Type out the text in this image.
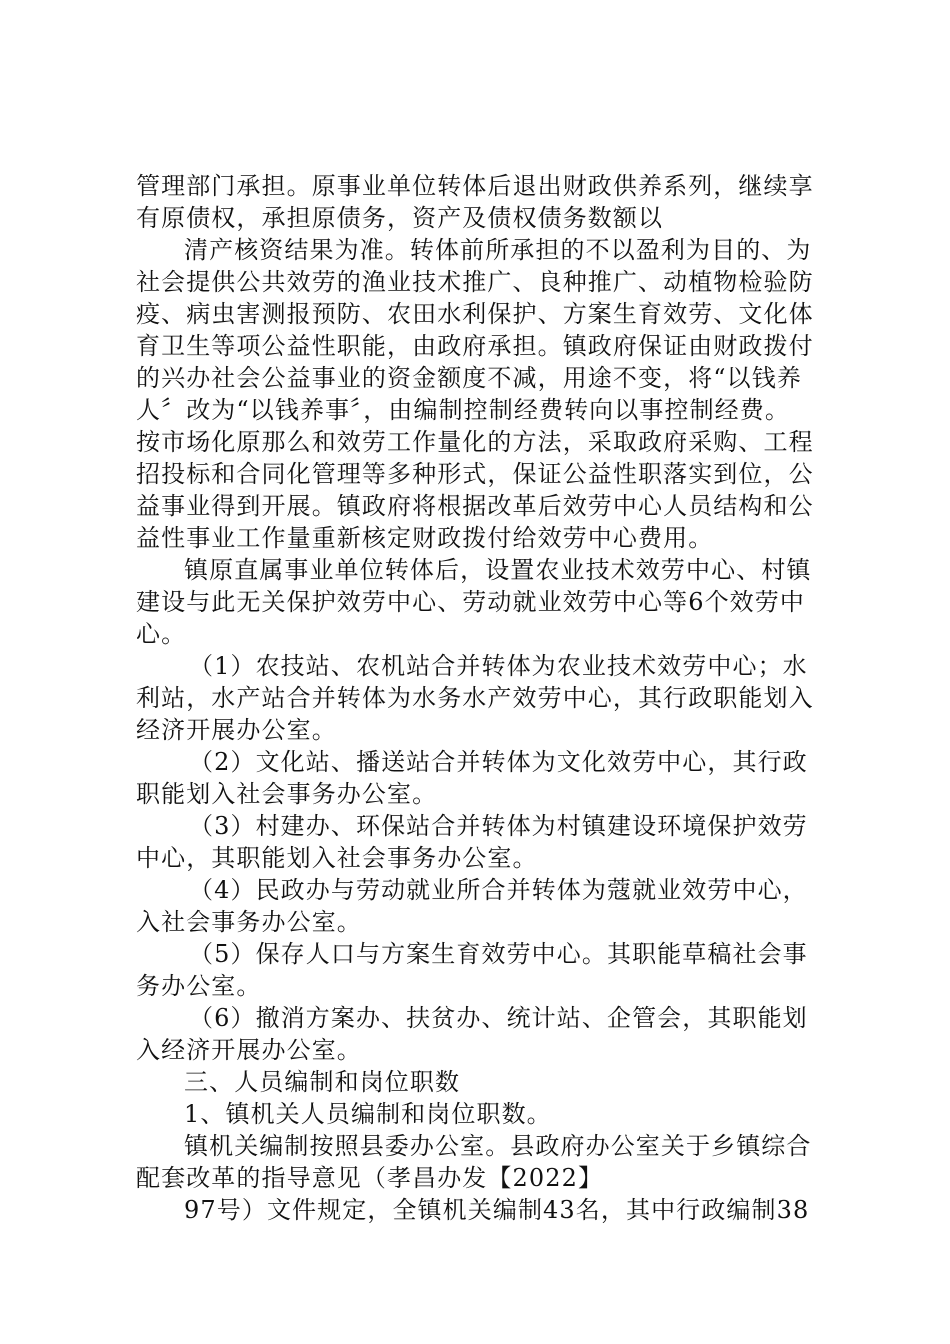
管理部门承担。原事业单位转体后退出财政供养系列，继续享
有原债权，承担原债务，资产及债权债务数额以
清产核资结果为准。转体前所承担的不以盈利为目的、为
社会提供公共效劳的渔业技术推广、良种推广、动植物检验防
疫、病虫害测报预防、农田水利保护、方案生育效劳、文化体
育卫生等项公益性职能，由政府承担。镇政府保证由财政拨付
的兴办社会公益事业的资金额度不减，用途不变，将“以钱养
人〞改为“以钱养事〞，由编制控制经费转向以事控制经费。
按市场化原那么和效劳工作量化的方法，采取政府采购、工程
招投标和合同化管理等多种形式，保证公益性职落实到位，公
益事业得到开展。镇政府将根据改革后效劳中心人员结构和公
益性事业工作量重新核定财政拨付给效劳中心费用。
镇原直属事业单位转体后，设置农业技术效劳中心、村镇
建设与此无关保护效劳中心、劳动就业效劳中心等6个效劳中
心。
（1）农技站、农机站合并转体为农业技术效劳中心；水
利站，水产站合并转体为水务水产效劳中心，其行政职能划入
经济开展办公室。
（2）文化站、播送站合并转体为文化效劳中心，其行政
职能划入社会事务办公室。
（3）村建办、环保站合并转体为村镇建设环境保护效劳
中心，其职能划入社会事务办公室。
（4）民政办与劳动就业所合并转体为蔻就业效劳中心，
入社会事务办公室。
（5）保存人口与方案生育效劳中心。其职能草稿社会事
务办公室。
（6）撤消方案办、扶贫办、统计站、企管会，其职能划
入经济开展办公室。
三、人员编制和岗位职数
1、镇机关人员编制和岗位职数。
镇机关编制按照县委办公室。县政府办公室关于乡镇综合
配套改革的指导意见（孝昌办发【2022】
97号）文件规定，全镇机关编制43名，其中行政编制38
